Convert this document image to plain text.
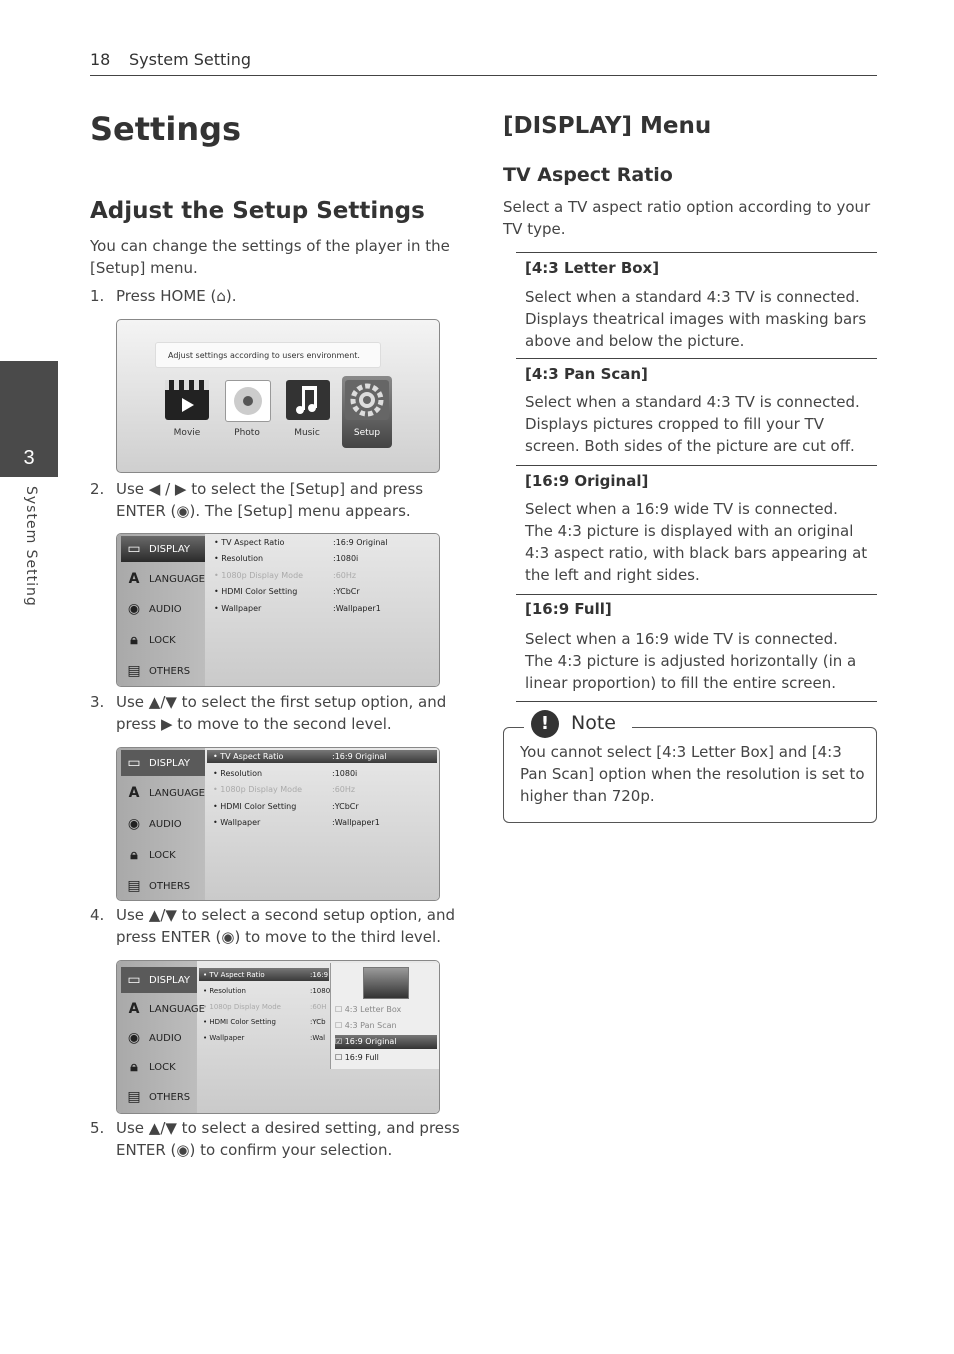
18 System Setting
3
System Setting
Settings
Adjust the Setup Settings
You can change the settings of the player in the [Setup] menu.
1. Press HOME (⌂).
Adjust settings according to users environment.
Movie	Photo	Music	Setup
2. Use ◀ / ▶ to select the [Setup] and press ENTER (◉). The [Setup] menu appears.
▭ DISPLAY
A LANGUAGE
◉ AUDIO
🔒︎	LOCK
▤ OTHERS
• TV Aspect Ratio	:16:9 Original
• Resolution	:1080i
• 1080p Display Mode	:60Hz
• HDMI Color Setting	:YCbCr
• Wallpaper	:Wallpaper1
3. Use ▲/▼ to select the first setup option, and press ▶ to move to the second level.
▭ DISPLAY
A LANGUAGE
◉ AUDIO
🔒︎	LOCK
▤ OTHERS
• TV Aspect Ratio	:16:9 Original
• Resolution	:1080i
• 1080p Display Mode	:60Hz
• HDMI Color Setting	:YCbCr
• Wallpaper	:Wallpaper1
4. Use ▲/▼ to select a second setup option, and press ENTER (◉) to move to the third level.
▭ DISPLAY
A LANGUAGE
◉ AUDIO
🔒︎	LOCK
▤ OTHERS
• TV Aspect Ratio	:16:9
• Resolution	:1080
• 1080p Display Mode	:60H
• HDMI Color Setting	:YCb
• Wallpaper	:Wal
☐ 4:3 Letter Box
☐ 4:3 Pan Scan
☑ 16:9 Original
☐ 16:9 Full
5. Use ▲/▼ to select a desired setting, and press ENTER (◉) to confirm your selection.
[DISPLAY] Menu
TV Aspect Ratio
Select a TV aspect ratio option according to your TV type.
[4:3 Letter Box]
Select when a standard 4:3 TV is connected. Displays theatrical images with masking bars above and below the picture.
[4:3 Pan Scan]
Select when a standard 4:3 TV is connected. Displays pictures cropped to fill your TV screen. Both sides of the picture are cut off.
[16:9 Original]
Select when a 16:9 wide TV is connected. The 4:3 picture is displayed with an original 4:3 aspect ratio, with black bars appearing at the left and right sides.
[16:9 Full]
Select when a 16:9 wide TV is connected. The 4:3 picture is adjusted horizontally (in a linear proportion) to fill the entire screen.
!	Note
You cannot select [4:3 Letter Box] and [4:3 Pan Scan] option when the resolution is set to higher than 720p.
